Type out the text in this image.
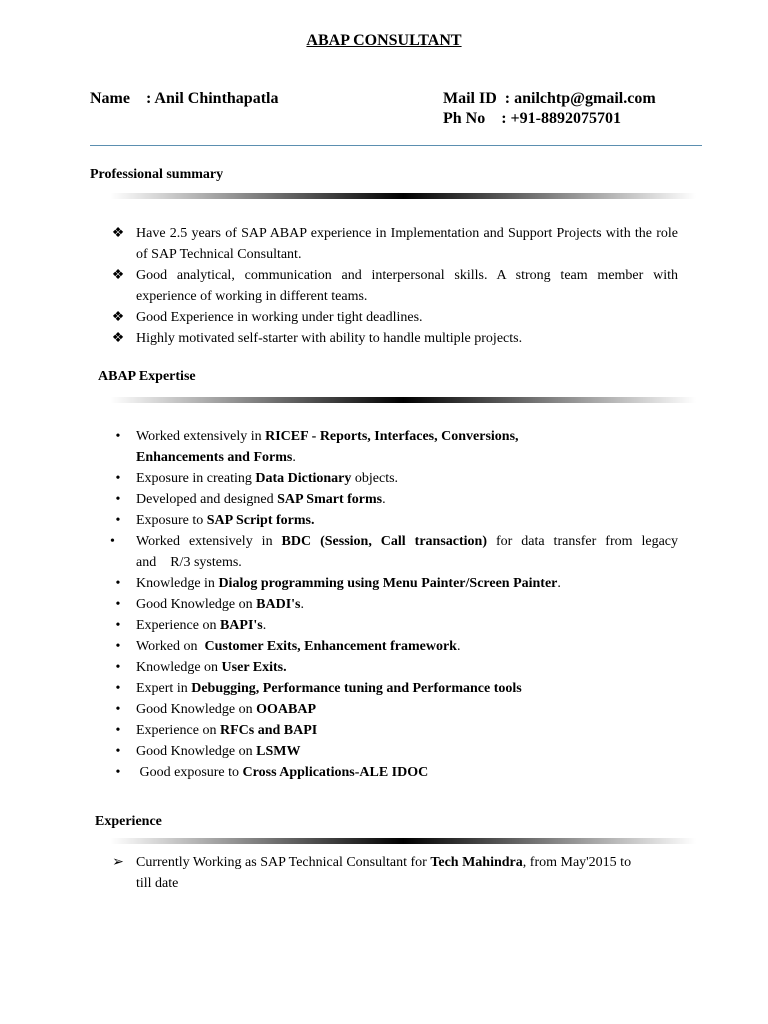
ABAP CONSULTANT
Name    : Anil Chinthapatla	Mail ID  : anilchtp@gmail.com
Ph No    : +91-8892075701
Professional summary
❖ Have 2.5 years of SAP ABAP experience in Implementation and Support Projects with the role of SAP Technical Consultant.
❖ Good analytical, communication and interpersonal skills. A strong team member with experience of working in different teams.
❖ Good Experience in working under tight deadlines.
❖ Highly motivated self-starter with ability to handle multiple projects.
ABAP Expertise
•	Worked extensively in RICEF - Reports, Interfaces, Conversions,
Enhancements and Forms.
•	Exposure in creating Data Dictionary objects.
•	Developed and designed SAP Smart forms.
•	Exposure to SAP Script forms.
•	Worked extensively in BDC (Session, Call transaction) for data transfer from legacy
and    R/3 systems.
•	Knowledge in Dialog programming using Menu Painter/Screen Painter.
•	Good Knowledge on BADI's.
•	Experience on BAPI's.
•	Worked on  Customer Exits, Enhancement framework.
•	Knowledge on User Exits.
•	Expert in Debugging, Performance tuning and Performance tools
•	Good Knowledge on OOABAP
•	Experience on RFCs and BAPI
•	Good Knowledge on LSMW
•	Good exposure to Cross Applications-ALE IDOC
Experience
➢ Currently Working as SAP Technical Consultant for Tech Mahindra, from May'2015 to
till date
